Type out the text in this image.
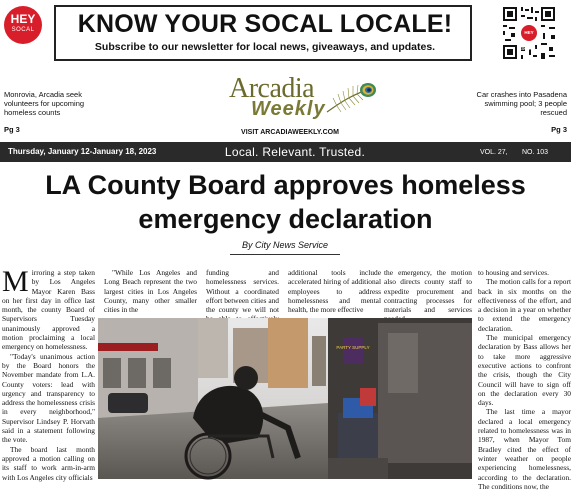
HEY
SOCAL	KNOW YOUR SOCAL LOCALE!
Subscribe to our newsletter for local news, giveaways, and updates.
HEY SOCAL
Monrovia, Arcadia seek volunteers for upcoming homeless counts
Pg 3
Arcadia
Weekly
VISIT ARCADIAWEEKLY.COM
Car crashes into Pasadena swimming pool; 3 people rescued
Pg 3
Thursday, January 12-January 18, 2023	Local. Relevant. Trusted.	VOL. 27, NO. 103
LA County Board approves homeless emergency declaration
By City News Service

Mirroring a step taken by Los Angeles Mayor Karen Bass on her first day in office last month, the county Board of Supervisors Tuesday unanimously approved a motion proclaiming a local emergency on homelessness.

"Today's unanimous action by the Board honors the November mandate from L.A. County voters: lead with urgency and transparency to address the homelessness crisis in every neighborhood," Supervisor Lindsey P. Horvath said in a statement following the vote.

The board last month approved a motion calling on its staff to work arm-in-arm with Los Angeles city officials

"While Los Angeles and Long Beach represent the two largest cities in Los Angeles County, many other smaller cities in the

funding and homelessness services. Without a coordinated effort between cities and the county we will not

additional tools include accelerated hiring of additional employees to address homelessness and mental health, the more effective

the emergency, the motion also directs county staff to expedite procurement and contracting processes for materials and services

to housing and services.

The motion calls for a report back in six months on the effectiveness of the effort, and a decision in a year on whether to extend the emergency declaration.

The municipal emergency declaration by Bass allows her to take more aggressive executive actions to confront the crisis, though the City Council will have to sign off on the declaration every 30 days.

The last time a mayor declared a local emergency related to homelessness was in 1987, when Mayor Tom Bradley cited the effect of winter weather on people experiencing homelessness, according to the declaration. The conditions now, the

PARTY SUPPLY
